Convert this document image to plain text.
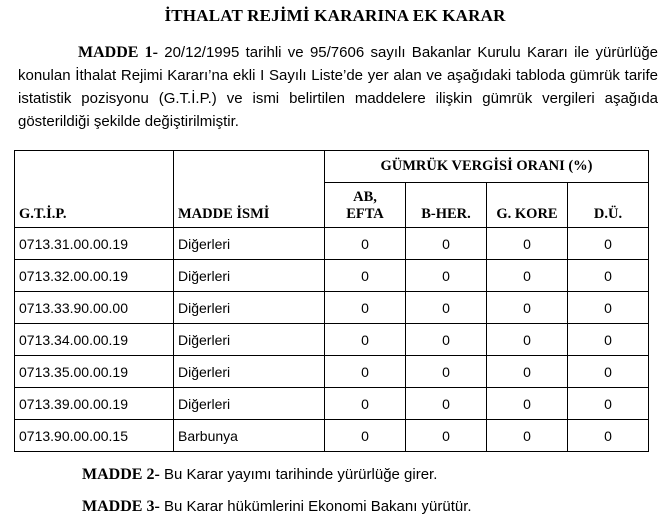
İTHALAT REJİMİ KARARINA EK KARAR
MADDE 1- 20/12/1995 tarihli ve 95/7606 sayılı Bakanlar Kurulu Kararı ile yürürlüğe konulan İthalat Rejimi Kararı’na ekli I Sayılı Liste’de yer alan ve aşağıdaki tabloda gümrük tarife istatistik pozisyonu (G.T.İ.P.) ve ismi belirtilen maddelere ilişkin gümrük vergileri aşağıda gösterildiği şekilde değiştirilmiştir.
G.T.İ.P.	MADDE İSMİ	GÜMRÜK VERGİSİ ORANI (%)			
		AB, EFTA	B-HER.	G. KORE	D.Ü.
0713.31.00.00.19	Diğerleri	0	0	0	0
0713.32.00.00.19	Diğerleri	0	0	0	0
0713.33.90.00.00	Diğerleri	0	0	0	0
0713.34.00.00.19	Diğerleri	0	0	0	0
0713.35.00.00.19	Diğerleri	0	0	0	0
0713.39.00.00.19	Diğerleri	0	0	0	0
0713.90.00.00.15	Barbunya	0	0	0	0
MADDE 2- Bu Karar yayımı tarihinde yürürlüğe girer.
MADDE 3- Bu Karar hükümlerini Ekonomi Bakanı yürütür.
